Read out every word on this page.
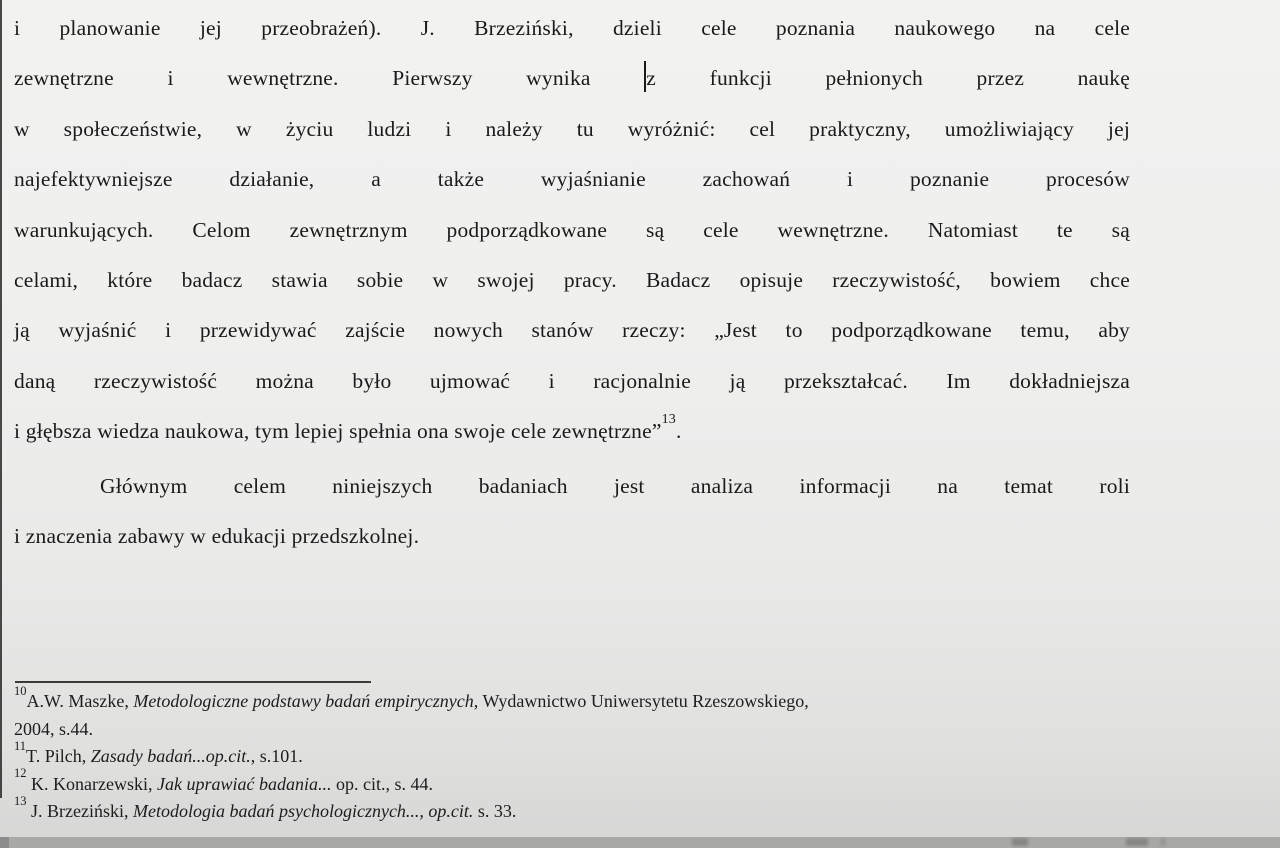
i planowanie jej przeobrażeń). J. Brzeziński, dzieli cele poznania naukowego na cele
zewnętrzne i wewnętrzne. Pierwszy wynika	z funkcji pełnionych przez naukę
w społeczeństwie, w życiu ludzi i należy tu wyróżnić: cel praktyczny, umożliwiający jej
najefektywniejsze działanie, a także wyjaśnianie zachowań i poznanie procesów
warunkujących. Celom zewnętrznym podporządkowane są cele wewnętrzne. Natomiast te są
celami, które badacz stawia sobie w swojej pracy. Badacz opisuje rzeczywistość, bowiem chce
ją wyjaśnić i przewidywać zajście nowych stanów rzeczy: „Jest to podporządkowane temu, aby
daną rzeczywistość można było ujmować i racjonalnie ją przekształcać. Im dokładniejsza
i głębsza wiedza naukowa, tym lepiej spełnia ona swoje cele zewnętrzne”$^{13}$.
Głównym celem niniejszych badaniach jest analiza informacji na temat roli
i znaczenia zabawy w edukacji przedszkolnej.
$^{10}$A.W. Maszke, Metodologiczne podstawy badań empirycznych, Wydawnictwo Uniwersytetu Rzeszowskiego,
2004, s.44.
$^{11}$T. Pilch, Zasady badań...op.cit., s.101.
$^{12}$ K. Konarzewski, Jak uprawiać badania... op. cit., s. 44.
$^{13}$ J. Brzeziński, Metodologia badań psychologicznych..., op.cit. s. 33.
